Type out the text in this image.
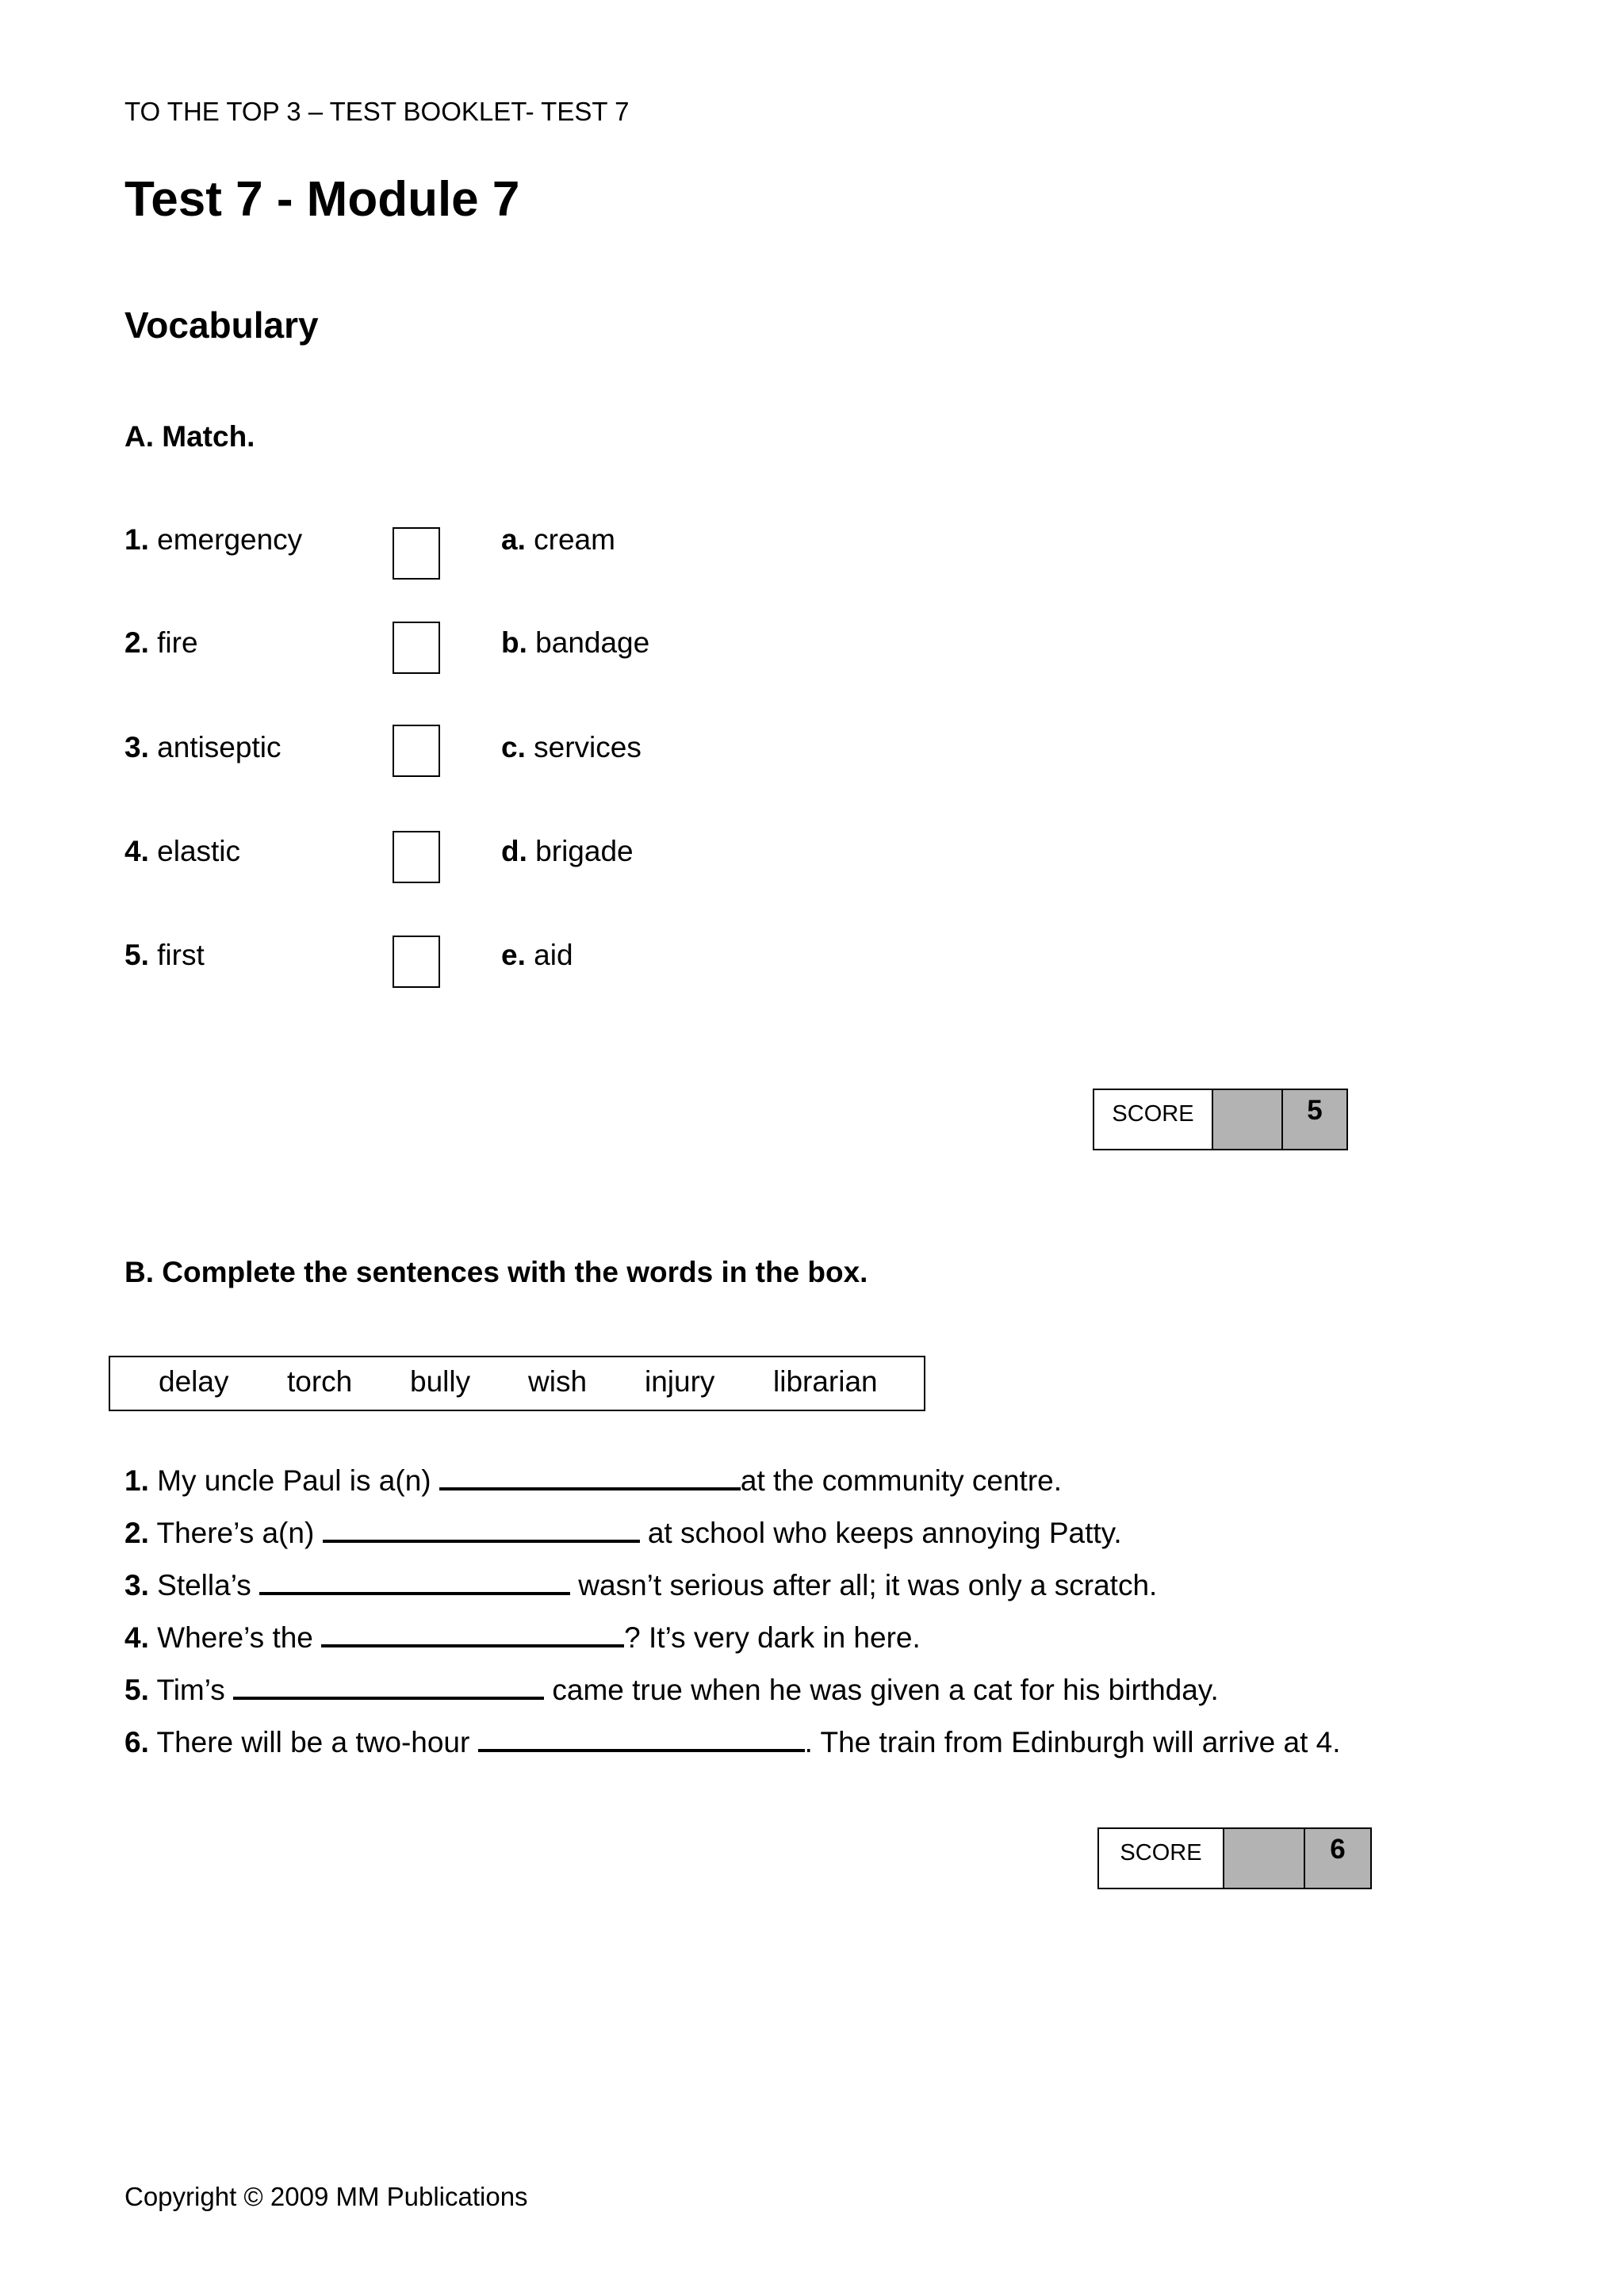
TO THE TOP 3 – TEST BOOKLET- TEST 7
Test 7 - Module 7
Vocabulary
A. Match.
1. emergency	a. cream
2. fire	b. bandage
3. antiseptic	c. services
4. elastic	d. brigade
5. first	e. aid
SCORE	5
B. Complete the sentences with the words in the box.
delay torch bully wish injury librarian
1. My uncle Paul is a(n)	at the community centre.
2. There’s a(n)	at school who keeps annoying Patty.
3. Stella’s	wasn’t serious after all; it was only a scratch.
4. Where’s the	? It’s very dark in here.
5. Tim’s	came true when he was given a cat for his birthday.
6. There will be a two-hour	. The train from Edinburgh will arrive at 4.
SCORE	6
Copyright © 2009 MM Publications
